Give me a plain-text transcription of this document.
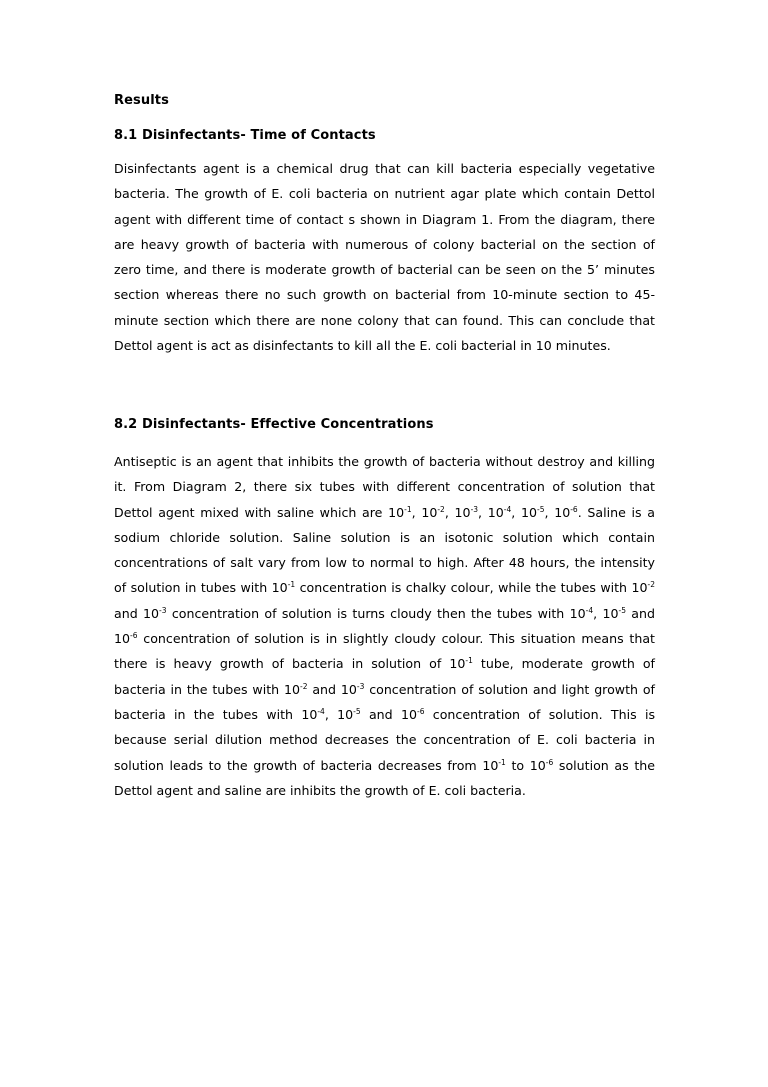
Results
8.1 Disinfectants- Time of Contacts

Disinfectants agent is a chemical drug that can kill bacteria especially vegetative bacteria. The growth of E. coli bacteria on nutrient agar plate which contain Dettol agent with different time of contact s shown in Diagram 1. From the diagram, there are heavy growth of bacteria with numerous of colony bacterial on the section of zero time, and there is moderate growth of bacterial can be seen on the 5’ minutes section whereas there no such growth on bacterial from 10-minute section to 45-minute section which there are none colony that can found. This can conclude that Dettol agent is act as disinfectants to kill all the E. coli bacterial in 10 minutes.

8.2 Disinfectants- Effective Concentrations

Antiseptic is an agent that inhibits the growth of bacteria without destroy and killing it. From Diagram 2, there six tubes with different concentration of solution that Dettol agent mixed with saline which are $10^{-1}$, $10^{-2}$, $10^{-3}$, $10^{-4}$, $10^{-5}$, $10^{-6}$. Saline is a sodium chloride solution. Saline solution is an isotonic solution which contain concentrations of salt vary from low to normal to high. After 48 hours, the intensity of solution in tubes with $10^{-1}$ concentration is chalky colour, while the tubes with $10^{-2}$ and $10^{-3}$ concentration of solution is turns cloudy then the tubes with $10^{-4}$, $10^{-5}$ and $10^{-6}$ concentration of solution is in slightly cloudy colour. This situation means that there is heavy growth of bacteria in solution of $10^{-1}$ tube, moderate growth of bacteria in the tubes with $10^{-2}$ and $10^{-3}$ concentration of solution and light growth of bacteria in the tubes with $10^{-4}$, $10^{-5}$ and $10^{-6}$ concentration of solution. This is because serial dilution method decreases the concentration of E. coli bacteria in solution leads to the growth of bacteria decreases from $10^{-1}$ to $10^{-6}$ solution as the Dettol agent and saline are inhibits the growth of E. coli bacteria.
